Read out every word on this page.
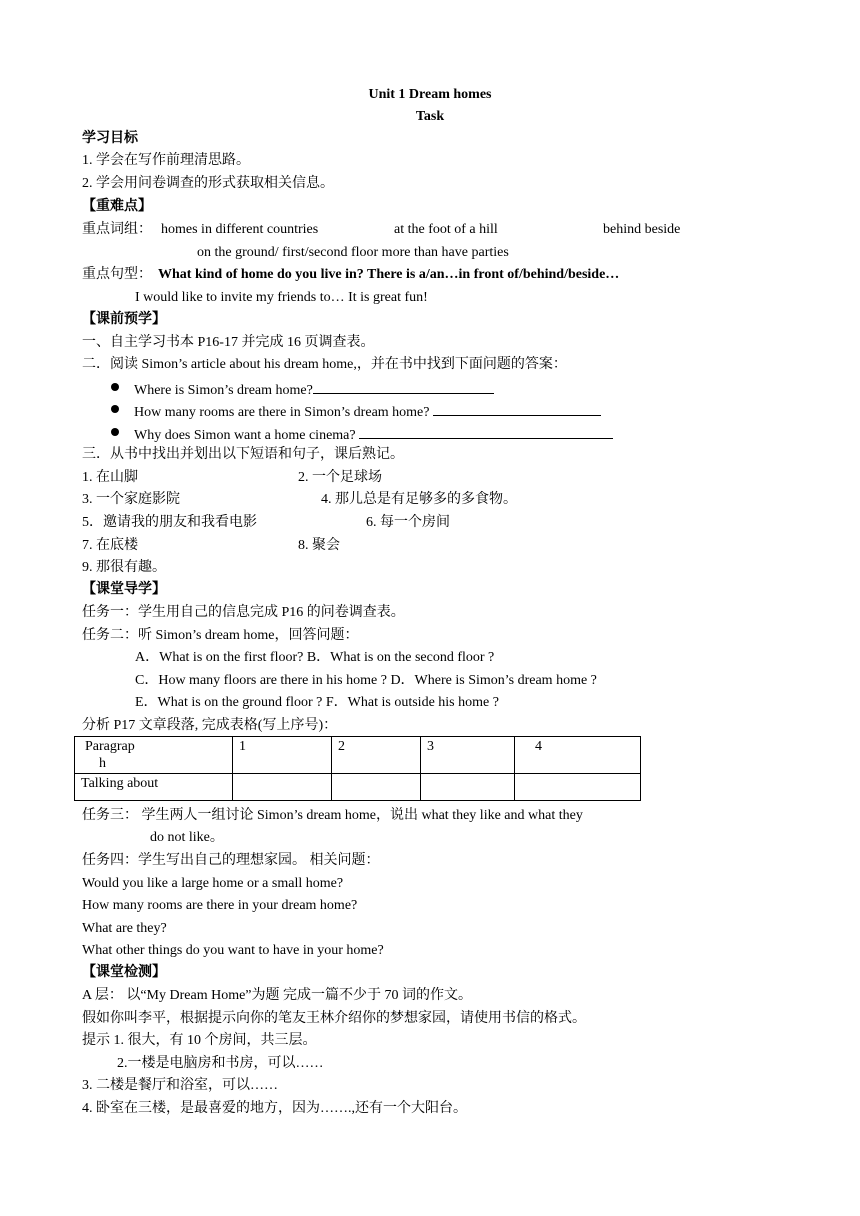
Unit 1 Dream homes
Task
学习目标
1. 学会在写作前理清思路。
2. 学会用问卷调查的形式获取相关信息。
【重难点】
重点词组： homes in different countries	at the foot of a hill	behind beside
on the ground/ first/second floor more than have parties
重点句型： What kind of home do you live in? There is a/an…in front of/behind/beside…
I would like to invite my friends to… It is great fun!
【课前预学】
一、自主学习书本 P16-17 并完成 16 页调查表。
二．阅读 Simon’s article about his dream home,，并在书中找到下面问题的答案：
Where is Simon’s dream home?
How many rooms are there in Simon’s dream home?
Why does Simon want a home cinema?
三．从书中找出并划出以下短语和句子，课后熟记。
1. 在山脚	2. 一个足球场
3. 一个家庭影院	4. 那儿总是有足够多的多食物。
5．邀请我的朋友和我看电影	6. 每一个房间
7. 在底楼	8. 聚会
9. 那很有趣。
【课堂导学】
任务一：学生用自己的信息完成 P16 的问卷调查表。
任务二：听 Simon’s dream home，回答问题：
A．What is on the first floor? B．What is on the second floor ?
C．How many floors are there in his home ? D．Where is Simon’s dream home ?
E．What is on the ground floor ? F．What is outside his home ?
分析 P17 文章段落, 完成表格(写上序号)：
Paragrap
h	1	2	3	4
Talking about				
任务三： 学生两人一组讨论 Simon’s dream home，说出 what they like and what they
do not like。
任务四：学生写出自己的理想家园。 相关问题：
Would you like a large home or a small home?
How many rooms are there in your dream home?
What are they?
What other things do you want to have in your home?
【课堂检测】
A 层： 以“My Dream Home”为题 完成一篇不少于 70 词的作文。
假如你叫李平，根据提示向你的笔友王林介绍你的梦想家园，请使用书信的格式。
提示 1. 很大，有 10 个房间，共三层。
2.一楼是电脑房和书房，可以……
3. 二楼是餐厅和浴室，可以……
4. 卧室在三楼，是最喜爱的地方，因为…….,还有一个大阳台。
